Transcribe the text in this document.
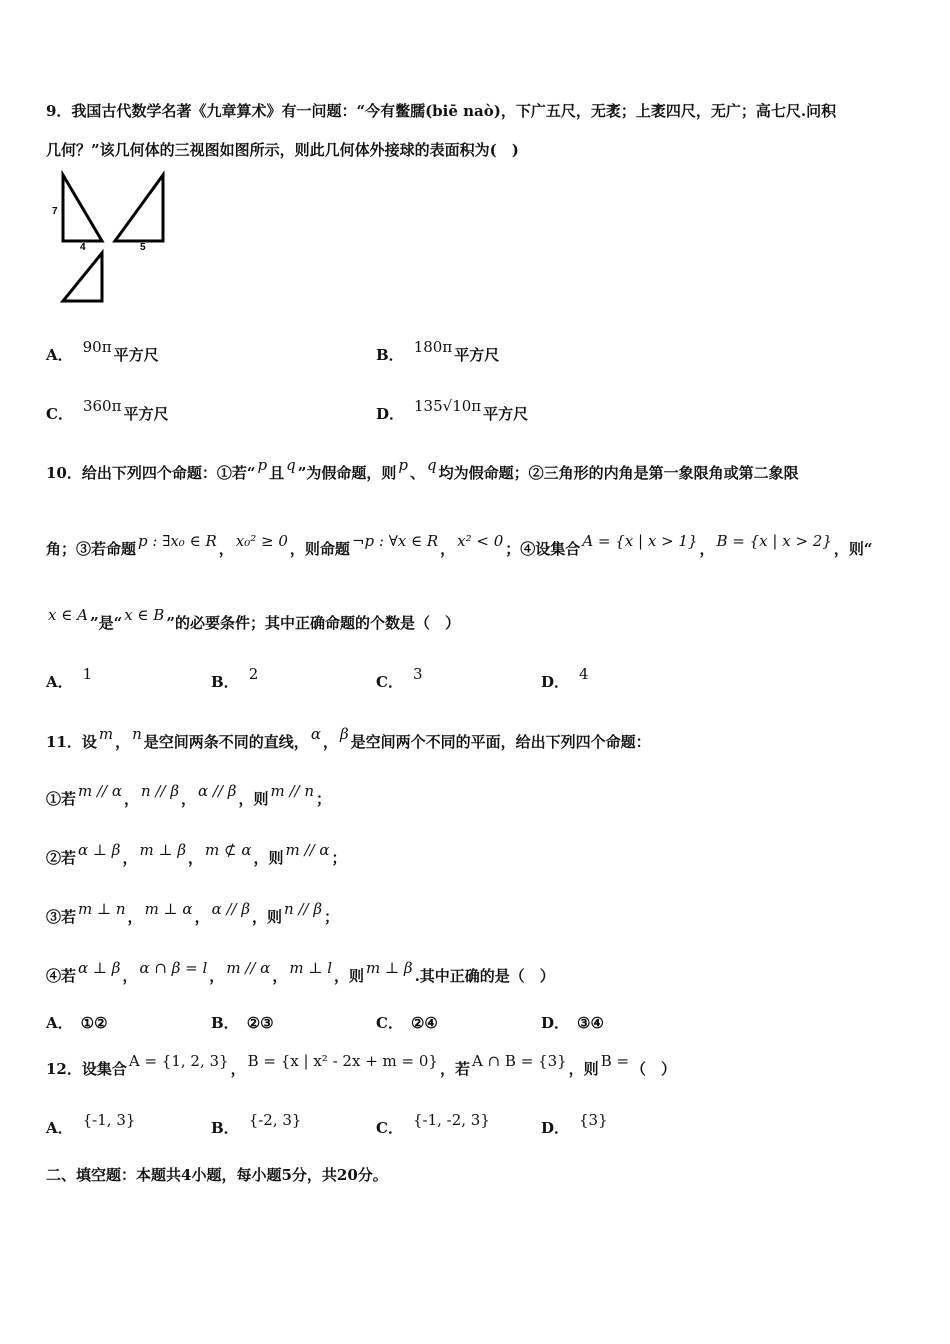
9．我国古代数学名著《九章算术》有一问题：“今有鳖臑(biē naò)，下广五尺，无袤；上袤四尺，无广；高七尺.问积
几何？”该几何体的三视图如图所示，则此几何体外接球的表面积为(　)
7
4	5
A． 90π 平方尺	B． 180π 平方尺
C． 360π 平方尺	D． 135√10π 平方尺
10．给出下列四个命题：①若“ p 且 q ”为假命题，则 p 、 q 均为假命题；②三角形的内角是第一象限角或第二象限
角；③若命题 p : ∃x₀ ∈ R ， x₀² ≥ 0 ，则命题 ¬p : ∀x ∈ R ， x² < 0 ；④设集合 A = {x | x > 1} ， B = {x | x > 2} ，则“
x ∈ A ”是“ x ∈ B ”的必要条件；其中正确命题的个数是（　）
A． 1	B． 2	C． 3	D． 4
11．设 m ， n 是空间两条不同的直线， α ， β 是空间两个不同的平面，给出下列四个命题：
①若 m // α ， n // β ， α // β ，则 m // n ；
②若 α ⊥ β ， m ⊥ β ， m ⊄ α ，则 m // α ；
③若 m ⊥ n ， m ⊥ α ， α // β ，则 n // β ；
④若 α ⊥ β ， α ∩ β = l ， m // α ， m ⊥ l ，则 m ⊥ β .其中正确的是（　）
A． ①②	B． ②③	C． ②④	D． ③④
12．设集合 A = {1, 2, 3} ， B = {x | x² - 2x + m = 0} ，若 A ∩ B = {3} ，则 B = （　）
A． {-1, 3}	B． {-2, 3}	C． {-1, -2, 3}	D． {3}
二、填空题：本题共4小题，每小题5分，共20分。
